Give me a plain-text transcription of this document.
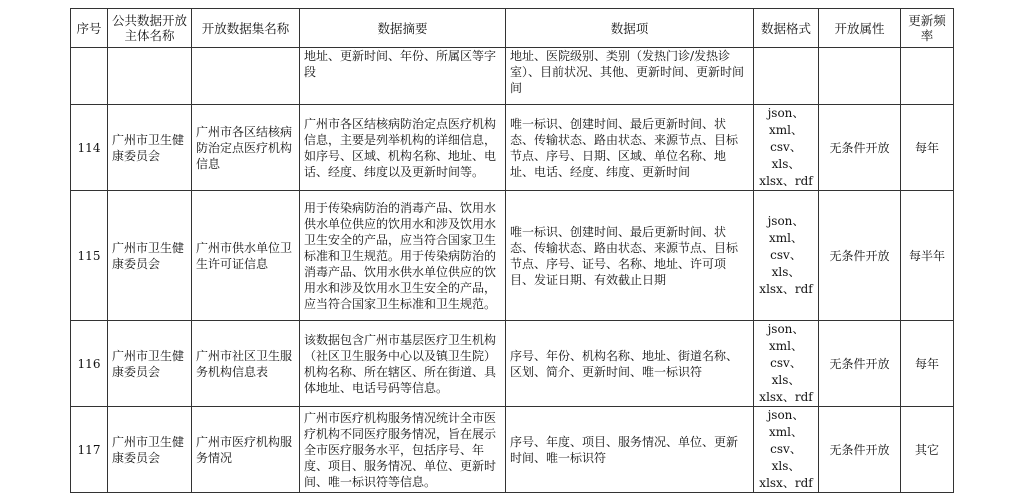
序号	公共数据开放主体名称	开放数据集名称	数据摘要	数据项	数据格式	开放属性	更新频率
			地址、更新时间、年份、所属区等字段	地址、医院级别、类别（发热门诊/发热诊室）、目前状况、其他、更新时间、更新时间间			
114	广州市卫生健康委员会	广州市各区结核病防治定点医疗机构信息	广州市各区结核病防治定点医疗机构信息，主要是列举机构的详细信息，如序号、区域、机构名称、地址、电话、经度、纬度以及更新时间等。	唯一标识、创建时间、最后更新时间、状态、传输状态、路由状态、来源节点、目标节点、序号、日期、区域、单位名称、地址、电话、经度、纬度、更新时间	json、xml、csv、xls、xlsx、rdf	无条件开放	每年
115	广州市卫生健康委员会	广州市供水单位卫生许可证信息	用于传染病防治的消毒产品、饮用水供水单位供应的饮用水和涉及饮用水卫生安全的产品，应当符合国家卫生标准和卫生规范。用于传染病防治的消毒产品、饮用水供水单位供应的饮用水和涉及饮用水卫生安全的产品，应当符合国家卫生标准和卫生规范。	唯一标识、创建时间、最后更新时间、状态、传输状态、路由状态、来源节点、目标节点、序号、证号、名称、地址、许可项目、发证日期、有效截止日期	json、xml、csv、xls、xlsx、rdf	无条件开放	每半年
116	广州市卫生健康委员会	广州市社区卫生服务机构信息表	该数据包含广州市基层医疗卫生机构（社区卫生服务中心以及镇卫生院）机构名称、所在辖区、所在街道、具体地址、电话号码等信息。	序号、年份、机构名称、地址、街道名称、区划、简介、更新时间、唯一标识符	json、xml、csv、xls、xlsx、rdf	无条件开放	每年
117	广州市卫生健康委员会	广州市医疗机构服务情况	广州市医疗机构服务情况统计全市医疗机构不同医疗服务情况，旨在展示全市医疗服务水平，包括序号、年度、项目、服务情况、单位、更新时间、唯一标识符等信息。	序号、年度、项目、服务情况、单位、更新时间、唯一标识符	json、xml、csv、xls、xlsx、rdf	无条件开放	其它
